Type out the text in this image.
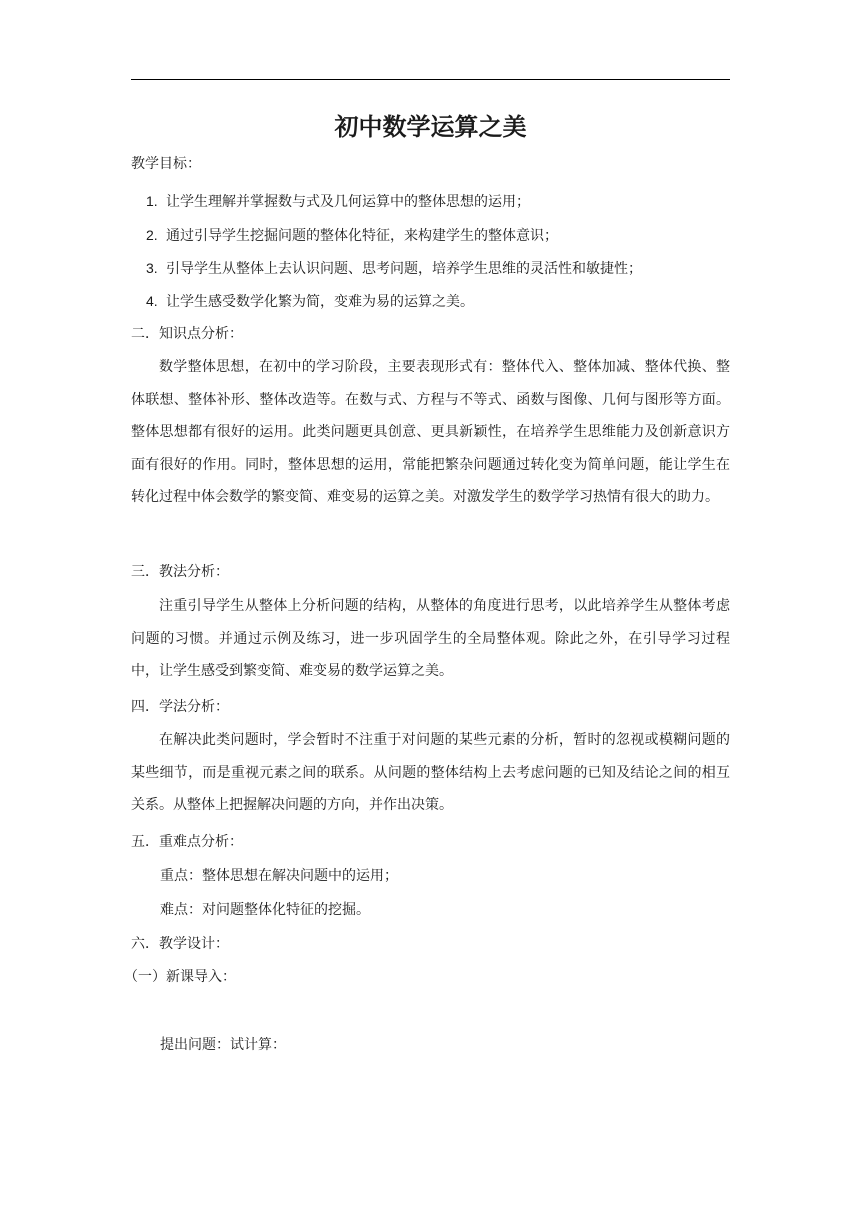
初中数学运算之美
教学目标：
1. 让学生理解并掌握数与式及几何运算中的整体思想的运用；
2. 通过引导学生挖掘问题的整体化特征，来构建学生的整体意识；
3. 引导学生从整体上去认识问题、思考问题，培养学生思维的灵活性和敏捷性；
4. 让学生感受数学化繁为简，变难为易的运算之美。
二．知识点分析：
数学整体思想，在初中的学习阶段，主要表现形式有：整体代入、整体加减、整体代换、整体联想、整体补形、整体改造等。在数与式、方程与不等式、函数与图像、几何与图形等方面。整体思想都有很好的运用。此类问题更具创意、更具新颖性，在培养学生思维能力及创新意识方面有很好的作用。同时，整体思想的运用，常能把繁杂问题通过转化变为简单问题，能让学生在转化过程中体会数学的繁变简、难变易的运算之美。对激发学生的数学学习热情有很大的助力。
三．教法分析：
注重引导学生从整体上分析问题的结构，从整体的角度进行思考，以此培养学生从整体考虑问题的习惯。并通过示例及练习，进一步巩固学生的全局整体观。除此之外，在引导学习过程中，让学生感受到繁变简、难变易的数学运算之美。
四．学法分析：
在解决此类问题时，学会暂时不注重于对问题的某些元素的分析，暂时的忽视或模糊问题的某些细节，而是重视元素之间的联系。从问题的整体结构上去考虑问题的已知及结论之间的相互关系。从整体上把握解决问题的方向，并作出决策。
五．重难点分析：
重点：整体思想在解决问题中的运用；
难点：对问题整体化特征的挖掘。
六．教学设计：
（一）新课导入：
提出问题：试计算：
